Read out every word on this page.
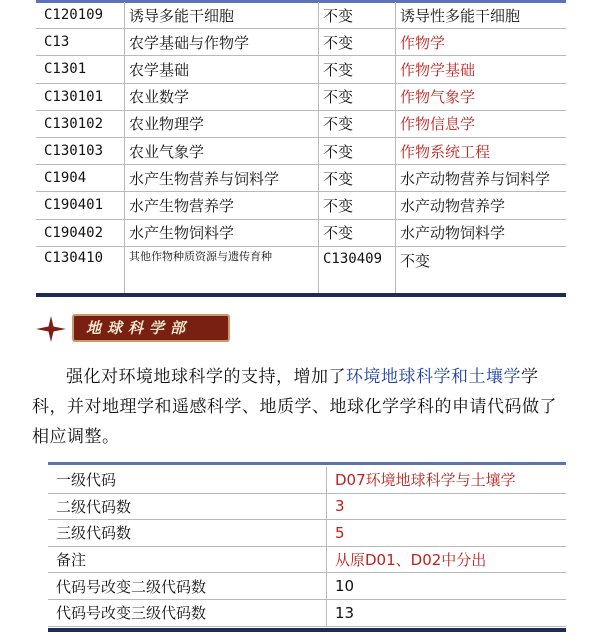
C120109	诱导多能干细胞	不变	诱导性多能干细胞
C13	农学基础与作物学	不变	作物学
C1301	农学基础	不变	作物学基础
C130101	农业数学	不变	作物气象学
C130102	农业物理学	不变	作物信息学
C130103	农业气象学	不变	作物系统工程
C1904	水产生物营养与饲料学	不变	水产动物营养与饲料学
C190401	水产生物营养学	不变	水产动物营养学
C190402	水产生物饲料学	不变	水产动物饲料学
C130410	其他作物种质资源与遗传育种	C130409	不变
地球科学部

强化对环境地球科学的支持，增加了环境地球科学和土壤学学科，并对地理学和遥感科学、地质学、地球化学学科的申请代码做了相应调整。

一级代码	D07环境地球科学与土壤学
二级代码数	3
三级代码数	5
备注	从原D01、D02中分出
代码号改变二级代码数	10
代码号改变三级代码数	13
